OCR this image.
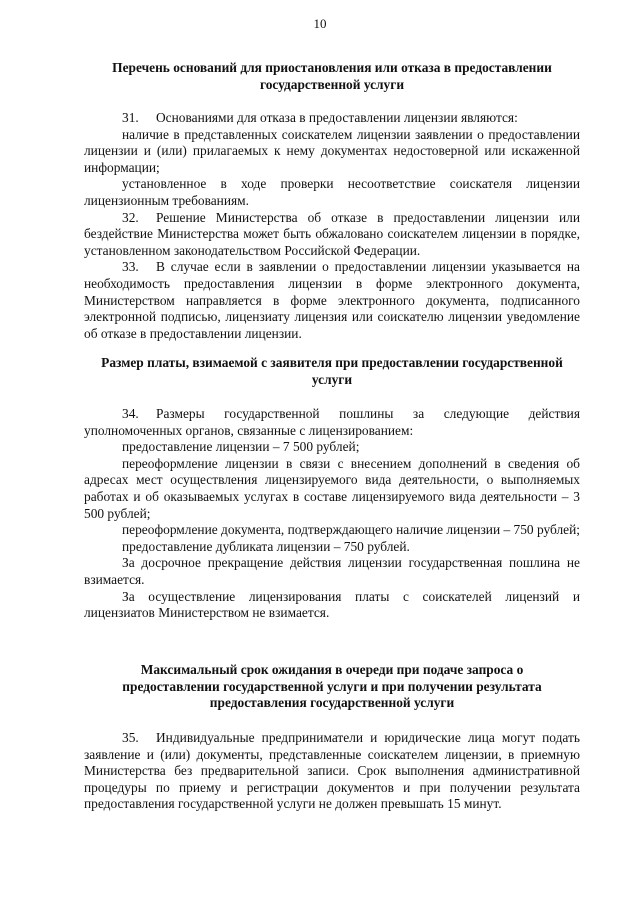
10
Перечень оснований для приостановления или отказа в предоставлении государственной услуги

31. Основаниями для отказа в предоставлении лицензии являются:

наличие в представленных соискателем лицензии заявлении о предоставлении лицензии и (или) прилагаемых к нему документах недостоверной или искаженной информации;

установленное в ходе проверки несоответствие соискателя лицензии лицензионным требованиям.

32. Решение Министерства об отказе в предоставлении лицензии или бездействие Министерства может быть обжаловано соискателем лицензии в порядке, установленном законодательством Российской Федерации.

33. В случае если в заявлении о предоставлении лицензии указывается на необходимость предоставления лицензии в форме электронного документа, Министерством направляется в форме электронного документа, подписанного электронной подписью, лицензиату лицензия или соискателю лицензии уведомление об отказе в предоставлении лицензии.

Размер платы, взимаемой с заявителя при предоставлении государственной услуги

34. Размеры государственной пошлины за следующие действия уполномоченных органов, связанные с лицензированием:

предоставление лицензии – 7 500 рублей;

переоформление лицензии в связи с внесением дополнений в сведения об адресах мест осуществления лицензируемого вида деятельности, о выполняемых работах и об оказываемых услугах в составе лицензируемого вида деятельности – 3 500 рублей;

переоформление документа, подтверждающего наличие лицензии – 750 рублей;

предоставление дубликата лицензии – 750 рублей.

За досрочное прекращение действия лицензии государственная пошлина не взимается.

За осуществление лицензирования платы с соискателей лицензий и лицензиатов Министерством не взимается.

Максимальный срок ожидания в очереди при подаче запроса о предоставлении государственной услуги и при получении результата предоставления государственной услуги

35. Индивидуальные предприниматели и юридические лица могут подать заявление и (или) документы, представленные соискателем лицензии, в приемную Министерства без предварительной записи. Срок выполнения административной процедуры по приему и регистрации документов и при получении результата предоставления государственной услуги не должен превышать 15 минут.
